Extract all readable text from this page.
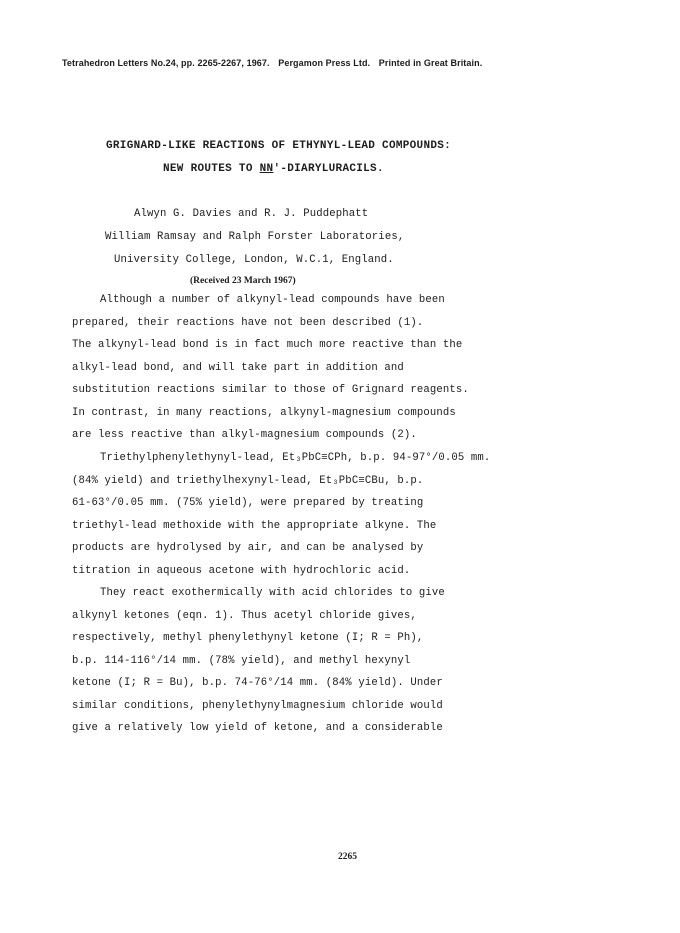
Tetrahedron Letters No.24, pp. 2265-2267, 1967. Pergamon Press Ltd. Printed in Great Britain.
GRIGNARD-LIKE REACTIONS OF ETHYNYL-LEAD COMPOUNDS:
NEW ROUTES TO NN'-DIARYLURACILS.
Alwyn G. Davies and R. J. Puddephatt
William Ramsay and Ralph Forster Laboratories,
University College, London, W.C.1, England.
(Received 23 March 1967)
Although a number of alkynyl-lead compounds have been
prepared, their reactions have not been described (1).
The alkynyl-lead bond is in fact much more reactive than the
alkyl-lead bond, and will take part in addition and
substitution reactions similar to those of Grignard reagents.
In contrast, in many reactions, alkynyl-magnesium compounds
are less reactive than alkyl-magnesium compounds (2).
Triethylphenylethynyl-lead, Et₃PbC≡CPh, b.p. 94-97°/0.05 mm.
(84% yield) and triethylhexynyl-lead, Et₃PbC≡CBu, b.p.
61-63°/0.05 mm. (75% yield), were prepared by treating
triethyl-lead methoxide with the appropriate alkyne. The
products are hydrolysed by air, and can be analysed by
titration in aqueous acetone with hydrochloric acid.
They react exothermically with acid chlorides to give
alkynyl ketones (eqn. 1). Thus acetyl chloride gives,
respectively, methyl phenylethynyl ketone (I; R = Ph),
b.p. 114-116°/14 mm. (78% yield), and methyl hexynyl
ketone (I; R = Bu), b.p. 74-76°/14 mm. (84% yield). Under
similar conditions, phenylethynylmagnesium chloride would
give a relatively low yield of ketone, and a considerable
2265
